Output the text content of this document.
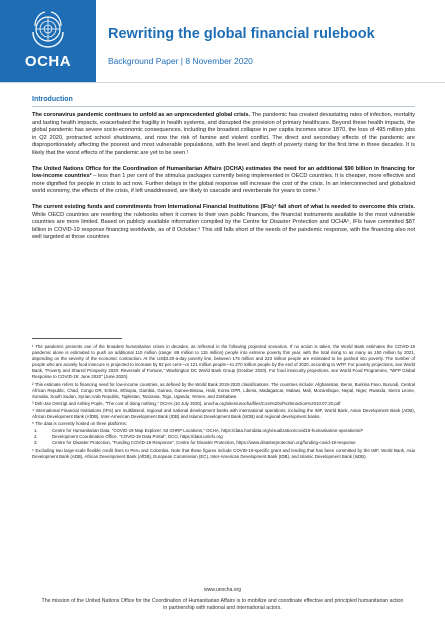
OCHA
Rewriting the global financial rulebook
Background Paper | 8 November 2020
Introduction

The coronavirus pandemic continues to unfold as an unprecedented global crisis. The pandemic has created devastating rates of infection, mortality and lasting health impacts, exacerbated the fragility in health systems, and disrupted the provision of primary healthcare. Beyond these health impacts, the global pandemic has severe socio-economic consequences, including the broadest collapse in per capita incomes since 1870, the loss of 495 million jobs in Q2 2020, protracted school shutdowns, and now the risk of famine and violent conflict. The direct and secondary effects of the pandemic are disproportionately affecting the poorest and most vulnerable populations, with the level and depth of poverty rising for the first time in three decades. It is likely that the worst effects of the pandemic are yet to be seen.¹

The United Nations Office for the Coordination of Humanitarian Affairs (OCHA) estimates the need for an additional $90 billion in financing for low-income countries² – less than 1 per cent of the stimulus packages currently being implemented in OECD countries. It is cheaper, more effective and more dignified for people in crisis to act now. Further delays in the global response will increase the cost of the crisis. In an interconnected and globalized world economy, the effects of the crisis, if left unaddressed, are likely to cascade and reverberate for years to come.³

The current existing funds and commitments from International Financial Institutions (IFIs)⁴ fall short of what is needed to overcome this crisis. While OECD countries are rewriting the rulebooks when it comes to their own public finances, the financial instruments available to the most vulnerable countries are more limited. Based on publicly available information compiled by the Centre for Disaster Protection and OCHA⁵, IFIs have committed $87 billion in COVID-19 response financing worldwide, as of 8 October.⁶ This still falls short of the needs of the pandemic response, with the financing also not well targeted at those countries

¹ The pandemic presents one of the broadest humanitarian crises in decades, as reflected in the following projected scenarios. If no action is taken, the World Bank estimates the COVID-19 pandemic alone is estimated to push an additional 110 million (range: 88 million to 115 million) people into extreme poverty this year, with the total rising to as many as 150 million by 2021, depending on the severity of the economic contraction. At the US$3.20-a-day poverty line, between 175 million and 223 million people are estimated to be pushed into poverty. The number of people who are acutely food insecure is projected to increase by 82 per cent—or 121 million people—to 270 million people by the end of 2020, according to WFP. For poverty projections, see World Bank, "Poverty and Shared Prosperity 2020: Reversals of Fortune," Washington DC World Bank Group (October 2020). For food insecurity projections, see World Food Programme, "WFP Global Response to COVID-19: June 2020" (June 2020).

² This estimate refers to financing need for low-income countries, as defined by the World Bank 2019-2020 classifications. The countries include: Afghanistan, Benin, Burkina Faso, Burundi, Central African Republic, Chad, Congo DR, Eritrea, Ethiopia, Gambia, Guinea, Guinea-Bissau, Haiti, Korea DPR, Liberia, Madagascar, Malawi, Mali, Mozambique, Nepal, Niger, Rwanda, Sierra Leone, Somalia, South Sudan, Syrian Arab Republic, Tajikistan, Tanzania, Togo, Uganda, Yemen, and Zimbabwe.

³ Dirk-Jan Omtzigt and Ashley Pople, "The cost of doing nothing," OCHA (10 July 2020), unocha.org/sites/unocha/files/Cost%20of%20inaction%2010.07.20.pdf

⁴ International Financial Institutions (IFIs) are multilateral, regional and national development banks with international operations, including the IMF, World Bank, Asian Development Bank (ADB), African Development Bank (AfDB), Inter-American Development Bank (IDB) and Islamic Development Bank (IsDB) and regional development banks.

⁵ The data is currently hosted on three platforms:

1.	Centre for Humanitarian Data, "COVID-19 Map Explorer: 63 GHRP Locations," OCHA, https://data.humdata.org/visualization/covid19-humanitarian-operations/#
2.	Development Coordination Office, "COVID-19 Data Portal", DCO, https://data.uninfo.org
3.	Centre for Disaster Protection, "Funding COVID-19 Response", Centre for Disaster Protection, https://www.disasterprotection.org/funding-covid-19-response

⁶ Excluding two large-scale flexible credit lines to Peru and Colombia. Note that these figures include COVID-19-specific grant and lending that has been committed by the IMF, World Bank, Asia Development Bank (ADB), African Development Bank (AfDB), European Commission (EC), Inter-American Development Bank (IDB), and Islamic Development Bank (IsDB).

www.unocha.org
The mission of the United Nations Office for the Coordination of Humanitarian Affairs is to mobilize and coordinate effective and principled humanitarian action in partnership with national and international actors.
